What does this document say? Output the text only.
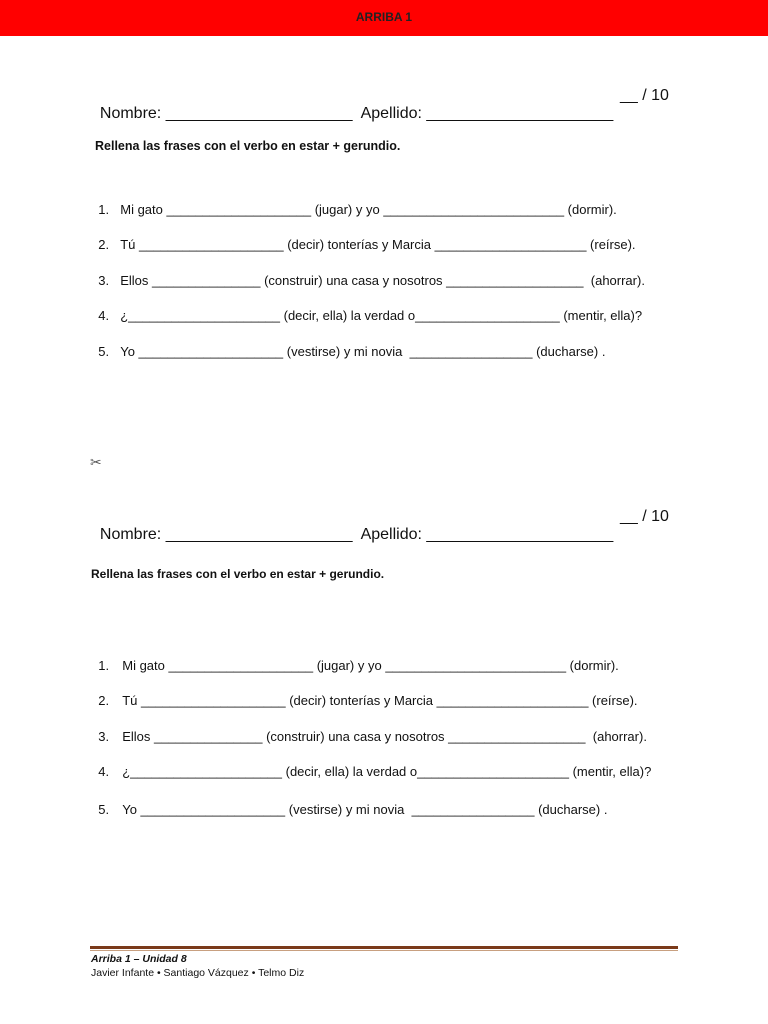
ARRIBA 1

Nombre: _____________________  Apellido: _____________________

__ / 10

Rellena las frases con el verbo en estar + gerundio.

1. Mi gato ____________________ (jugar) y yo _________________________ (dormir).

2. Tú ____________________ (decir) tonterías y Marcia _____________________ (reírse).

3. Ellos _______________ (construir) una casa y nosotros ___________________  (ahorrar).

4. ¿_____________________ (decir, ella) la verdad o____________________ (mentir, ella)?

5. Yo ____________________ (vestirse) y mi novia  _________________ (ducharse) .

✂

Nombre: _____________________  Apellido: _____________________

__ / 10

Rellena las frases con el verbo en estar + gerundio.

1. Mi gato ____________________ (jugar) y yo _________________________ (dormir).

2. Tú ____________________ (decir) tonterías y Marcia _____________________ (reírse).

3. Ellos _______________ (construir) una casa y nosotros ___________________  (ahorrar).

4. ¿_____________________ (decir, ella) la verdad o_____________________ (mentir, ella)?

5. Yo ____________________ (vestirse) y mi novia  _________________ (ducharse) .

Arriba 1 – Unidad 8
Javier Infante • Santiago Vázquez • Telmo Diz
